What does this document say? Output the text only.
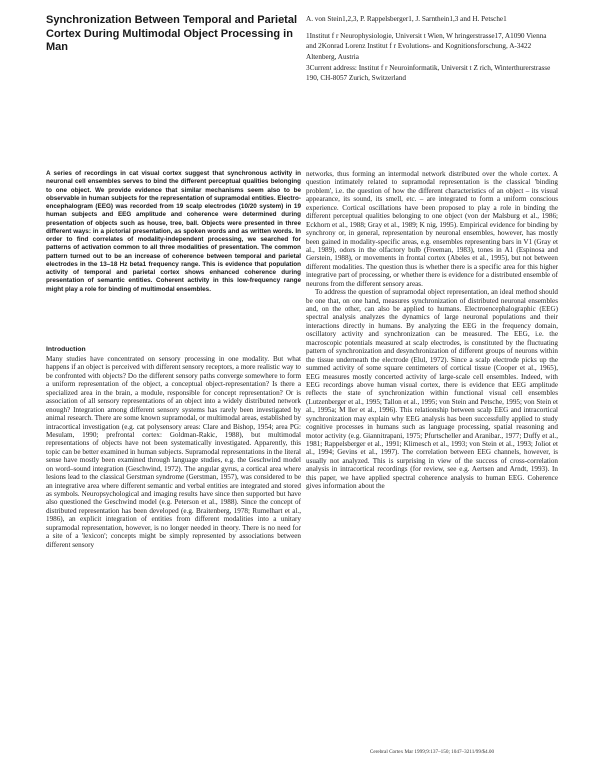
Synchronization Between Temporal and Parietal Cortex During Multimodal Object Processing in Man

A. von Stein1,2,3, P. Rappelsberger1, J. Sarnthein1,3 and H. Petsche1

1Institut f r Neurophysiologie, Universit t Wien, W hringerstrasse17, A1090 Vienna and 2Konrad Lorenz Institut f r Evolutions- and Kognitionsforschung, A-3422 Altenberg, Austria

3Current address: Institut f r Neuroinformatik, Universit t Z rich, Winterthurerstrasse 190, CH-8057 Zurich, Switzerland

A series of recordings in cat visual cortex suggest that synchronous activity in neuronal cell ensembles serves to bind the different perceptual qualities belonging to one object. We provide evidence that similar mechanisms seem also to be observable in human subjects for the representation of supramodal entities. Electro-encephalogram (EEG) was recorded from 19 scalp electrodes (10/20 system) in 19 human subjects and EEG amplitude and coherence were determined during presentation of objects such as house, tree, ball. Objects were presented in three different ways: in a pictorial presentation, as spoken words and as written words. In order to find correlates of modality-independent processing, we searched for patterns of activation common to all three modalities of presentation. The common pattern turned out to be an increase of coherence between temporal and parietal electrodes in the 13–18 Hz beta1 frequency range. This is evidence that population activity of temporal and parietal cortex shows enhanced coherence during presentation of semantic entities. Coherent activity in this low-frequency range might play a role for binding of multimodal ensembles.

Introduction

Many studies have concentrated on sensory processing in one modality. But what happens if an object is perceived with different sensory receptors, a more realistic way to be confronted with objects? Do the different sensory paths converge somewhere to form a uniform representation of the object, a conceptual object-representation? Is there a specialized area in the brain, a module, responsible for concept representation? Or is association of all sensory representations of an object into a widely distributed network enough? Integration among different sensory systems has rarely been investigated by animal research. There are some known supramodal, or multimodal areas, established by intracortical investigation (e.g. cat polysensory areas: Clare and Bishop, 1954; area PG: Mesulam, 1990; prefrontal cortex: Goldman-Rakic, 1988), but multimodal representations of objects have not been systematically investigated. Apparently, this topic can be better examined in human subjects. Supramodal representations in the literal sense have mostly been examined through language studies, e.g. the Geschwind model on word–sound integration (Geschwind, 1972). The angular gyrus, a cortical area where lesions lead to the classical Gerstman syndrome (Gerstman, 1957), was considered to be an integrative area where different semantic and verbal entities are integrated and stored as symbols. Neuropsychological and imaging results have since then supported but have also questioned the Geschwind model (e.g. Peterson et al., 1988). Since the concept of distributed representation has been developed (e.g. Braitenberg, 1978; Rumelhart et al., 1986), an explicit integration of entities from different modalities into a unitary supramodal representation, however, is no longer needed in theory. There is no need for a site of a 'lexicon'; concepts might be simply represented by associations between different sensory

networks, thus forming an intermodal network distributed over the whole cortex. A question intimately related to supramodal representation is the classical 'binding problem', i.e. the question of how the different characteristics of an object – its visual appearance, its sound, its smell, etc. – are integrated to form a uniform conscious experience. Cortical oscillations have been proposed to play a role in binding the different perceptual qualities belonging to one object (von der Malsburg et al., 1986; Eckhorn et al., 1988; Gray et al., 1989; K nig, 1995). Empirical evidence for binding by synchrony or, in general, representation by neuronal ensembles, however, has mostly been gained in modality-specific areas, e.g. ensembles representing bars in V1 (Gray et al., 1989), odors in the olfactory bulb (Freeman, 1983), tones in A1 (Espinosa and Gerstein, 1988), or movements in frontal cortex (Abeles et al., 1995), but not between different modalities. The question thus is whether there is a specific area for this higher integrative part of processing, or whether there is evidence for a distributed ensemble of neurons from the different sensory areas.

To address the question of supramodal object representation, an ideal method should be one that, on one hand, measures synchronization of distributed neuronal ensembles and, on the other, can also be applied to humans. Electroencephalographic (EEG) spectral analysis analyzes the dynamics of large neuronal populations and their interactions directly in humans. By analyzing the EEG in the frequency domain, oscillatory activity and synchronization can be measured. The EEG, i.e. the macroscopic potentials measured at scalp electrodes, is constituted by the fluctuating pattern of synchronization and desynchronization of different groups of neurons within the tissue underneath the electrode (Elul, 1972). Since a scalp electrode picks up the summed activity of some square centimeters of cortical tissue (Cooper et al., 1965), EEG measures mostly concerted activity of large-scale cell ensembles. Indeed, with EEG recordings above human visual cortex, there is evidence that EEG amplitude reflects the state of synchronization within functional visual cell ensembles (Lutzenberger et al., 1995; Tallon et al., 1995; von Stein and Petsche, 1995; von Stein et al., 1995a; M ller et al., 1996). This relationship between scalp EEG and intracortical synchronization may explain why EEG analysis has been successfully applied to study cognitive processes in humans such as language processing, spatial reasoning and motor activity (e.g. Giannitrapani, 1975; Pfurtscheller and Aranibar., 1977; Duffy et al., 1981; Rappelsberger et al., 1991; Klimesch et al., 1993; von Stein et al., 1993; Joliot et al., 1994; Gevins et al., 1997). The correlation between EEG channels, however, is usually not analyzed. This is surprising in view of the success of cross-correlation analysis in intracortical recordings (for review, see e.g. Aertsen and Arndt, 1993). In this paper, we have applied spectral coherence analysis to human EEG. Coherence gives information about the

Cerebral Cortex Mar 1999;9:137–150; 1047–3211/99/$4.00
